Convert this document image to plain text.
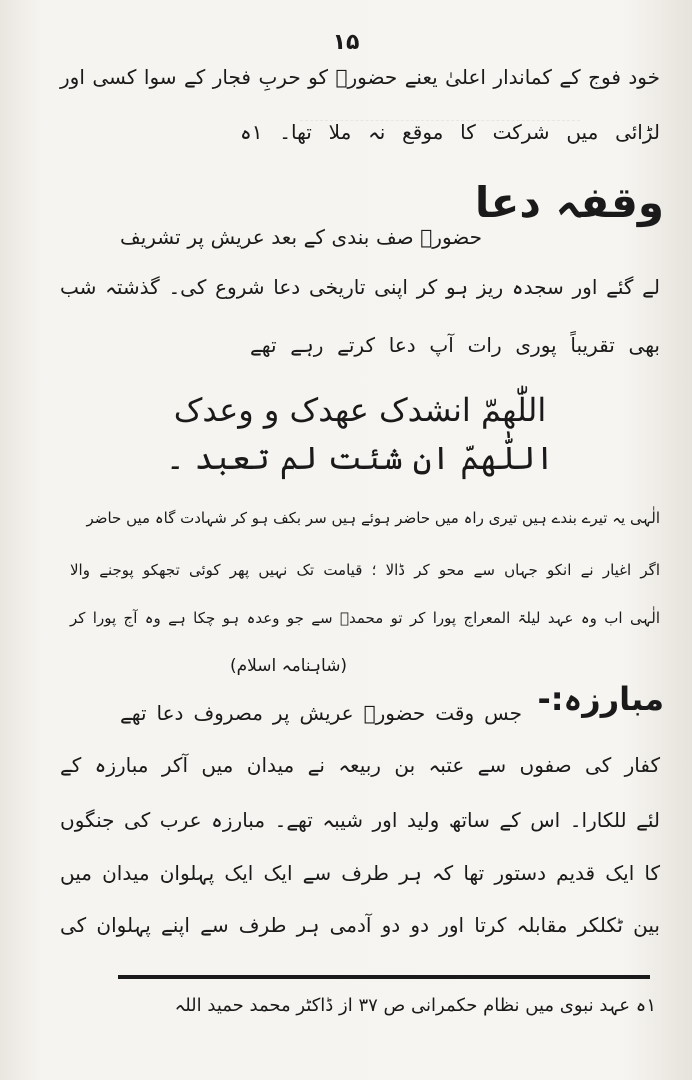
۱۵
خود فوج کے کماندار اعلیٰ یعنے حضورؐ کو حربِ فجار کے سوا کسی اور
لڑائی میں شرکت کا موقع نہ ملا تھا۔ ۱ہ
وقفہ دعا
حضورؐ صف بندی کے بعد عریش پر تشریف
لے گئے اور سجدہ ریز ہو کر اپنی تاریخی دعا شروع کی۔ گذشتہ شب
بھی تقریباً پوری رات آپ دعا کرتے رہے تھے
اللّٰھمّ انشدک عھدک و وعدک
اللّٰھمّ ان شئت لم تعبد ۔
الٰہی یہ تیرے بندے ہیں تیری راہ میں حاضر ہوئے ہیں سر بکف ہو کر شہادت گاہ میں حاضر
اگر اغیار نے انکو جہاں سے محو کر ڈالا ؛ قیامت تک نہیں پھر کوئی تجھکو پوجنے والا
الٰہی اب وہ عہد لیلۃ المعراج پورا کر تو محمدؐ سے جو وعدہ ہو چکا ہے وہ آج پورا کر
(شاہنامہ اسلام)
مبارزہ:-
جس وقت حضورؐ عریش پر مصروف دعا تھے
کفار کی صفوں سے عتبہ بن ربیعہ نے میدان میں آکر مبارزہ کے
لئے للکارا۔ اس کے ساتھ ولید اور شیبہ تھے۔ مبارزہ عرب کی جنگوں
کا ایک قدیم دستور تھا کہ ہر طرف سے ایک ایک پہلوان میدان میں
بین ٹکلکر مقابلہ کرتا اور دو دو آدمی ہر طرف سے اپنے پہلوان کی
۱ہ عہد نبوی میں نظام حکمرانی ص ۳۷ از ڈاکٹر محمد حمید اللہ
